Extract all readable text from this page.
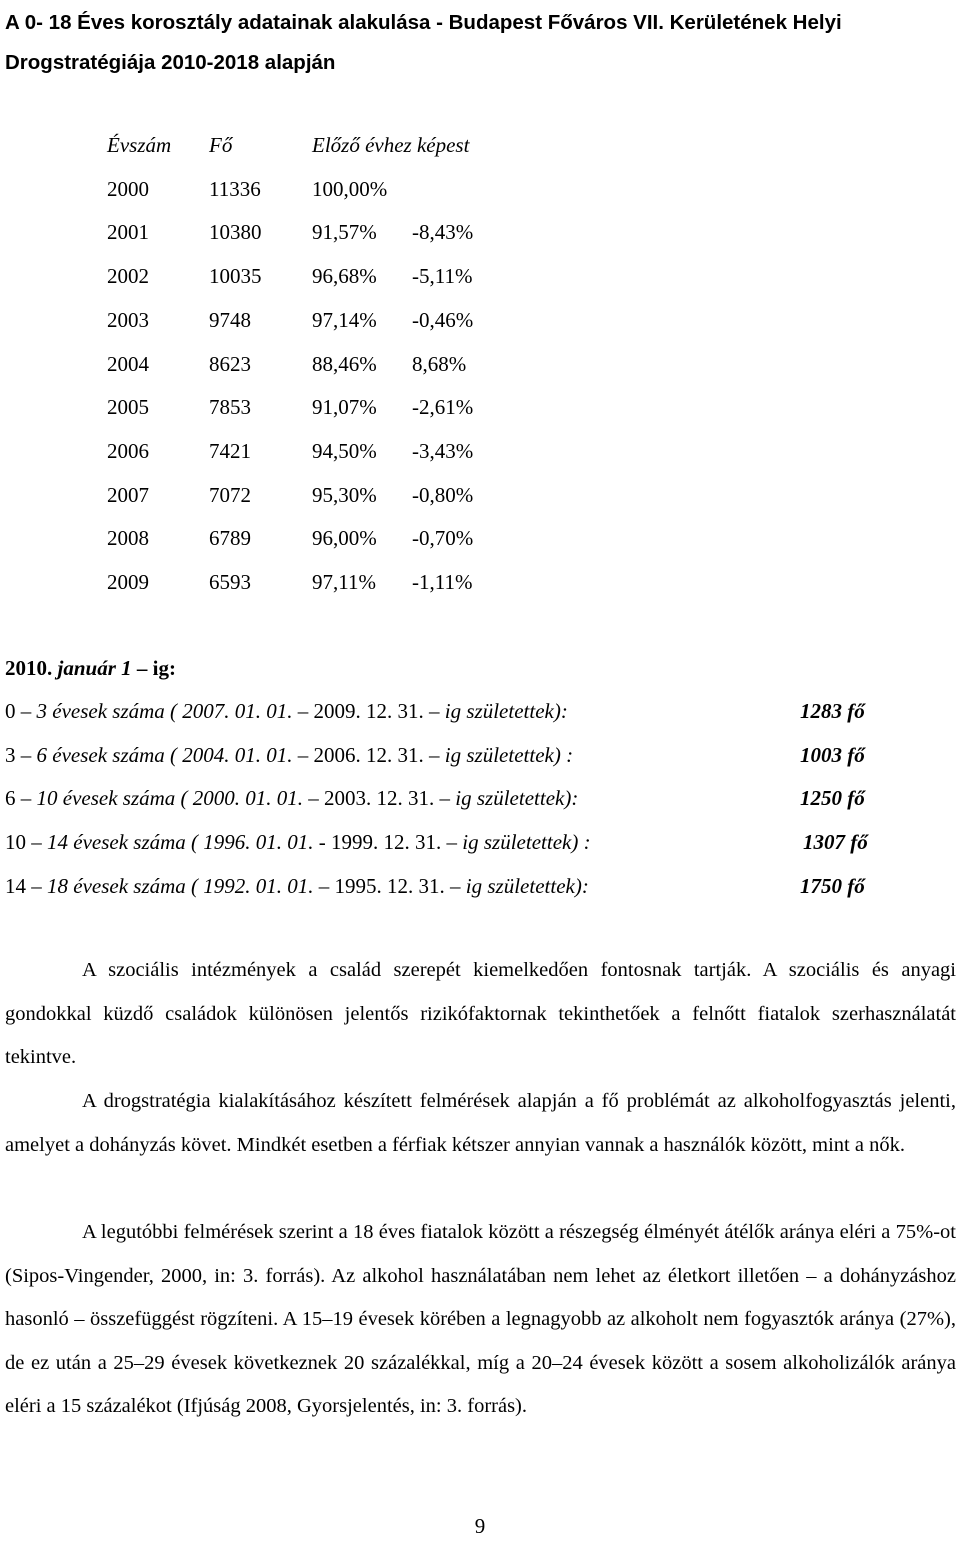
A 0- 18 Éves korosztály adatainak alakulása - Budapest Főváros VII. Kerületének Helyi Drogstratégiája 2010-2018 alapján
Évszám Fő	Előző évhez képest
2000	11336 100,00%
2001	10380 91,57% -8,43%
2002	10035 96,68% -5,11%
2003	9748	97,14% -0,46%
2004	8623	88,46% 8,68%
2005	7853	91,07% -2,61%
2006	7421	94,50% -3,43%
2007	7072	95,30% -0,80%
2008	6789	96,00% -0,70%
2009	6593	97,11% -1,11%
2010. január 1 – ig:
0 – 3 évesek száma ( 2007. 01. 01. – 2009. 12. 31. – ig születettek):	1283 fő
3 – 6 évesek száma ( 2004. 01. 01. – 2006. 12. 31. – ig születettek) :	1003 fő
6 – 10 évesek száma ( 2000. 01. 01. – 2003. 12. 31. – ig születettek):	1250 fő
10 – 14 évesek száma ( 1996. 01. 01. - 1999. 12. 31. – ig születettek) :	1307 fő
14 – 18 évesek száma ( 1992. 01. 01. – 1995. 12. 31. – ig születettek):	1750 fő

A szociális intézmények a család szerepét kiemelkedően fontosnak tartják. A szociális és anyagi gondokkal küzdő családok különösen jelentős rizikófaktornak tekinthetőek a felnőtt fiatalok szerhasználatát tekintve.

A drogstratégia kialakításához készített felmérések alapján a fő problémát az alkoholfogyasztás jelenti, amelyet a dohányzás követ. Mindkét esetben a férfiak kétszer annyian vannak a használók között, mint a nők.

A legutóbbi felmérések szerint a 18 éves fiatalok között a részegség élményét átélők aránya eléri a 75%-ot (Sipos-Vingender, 2000, in: 3. forrás). Az alkohol használatában nem lehet az életkort illetően – a dohányzáshoz hasonló – összefüggést rögzíteni. A 15–19 évesek körében a legnagyobb az alkoholt nem fogyasztók aránya (27%), de ez után a 25–29 évesek következnek 20 százalékkal, míg a 20–24 évesek között a sosem alkoholizálók aránya eléri a 15 százalékot (Ifjúság 2008, Gyorsjelentés, in: 3. forrás).

9
